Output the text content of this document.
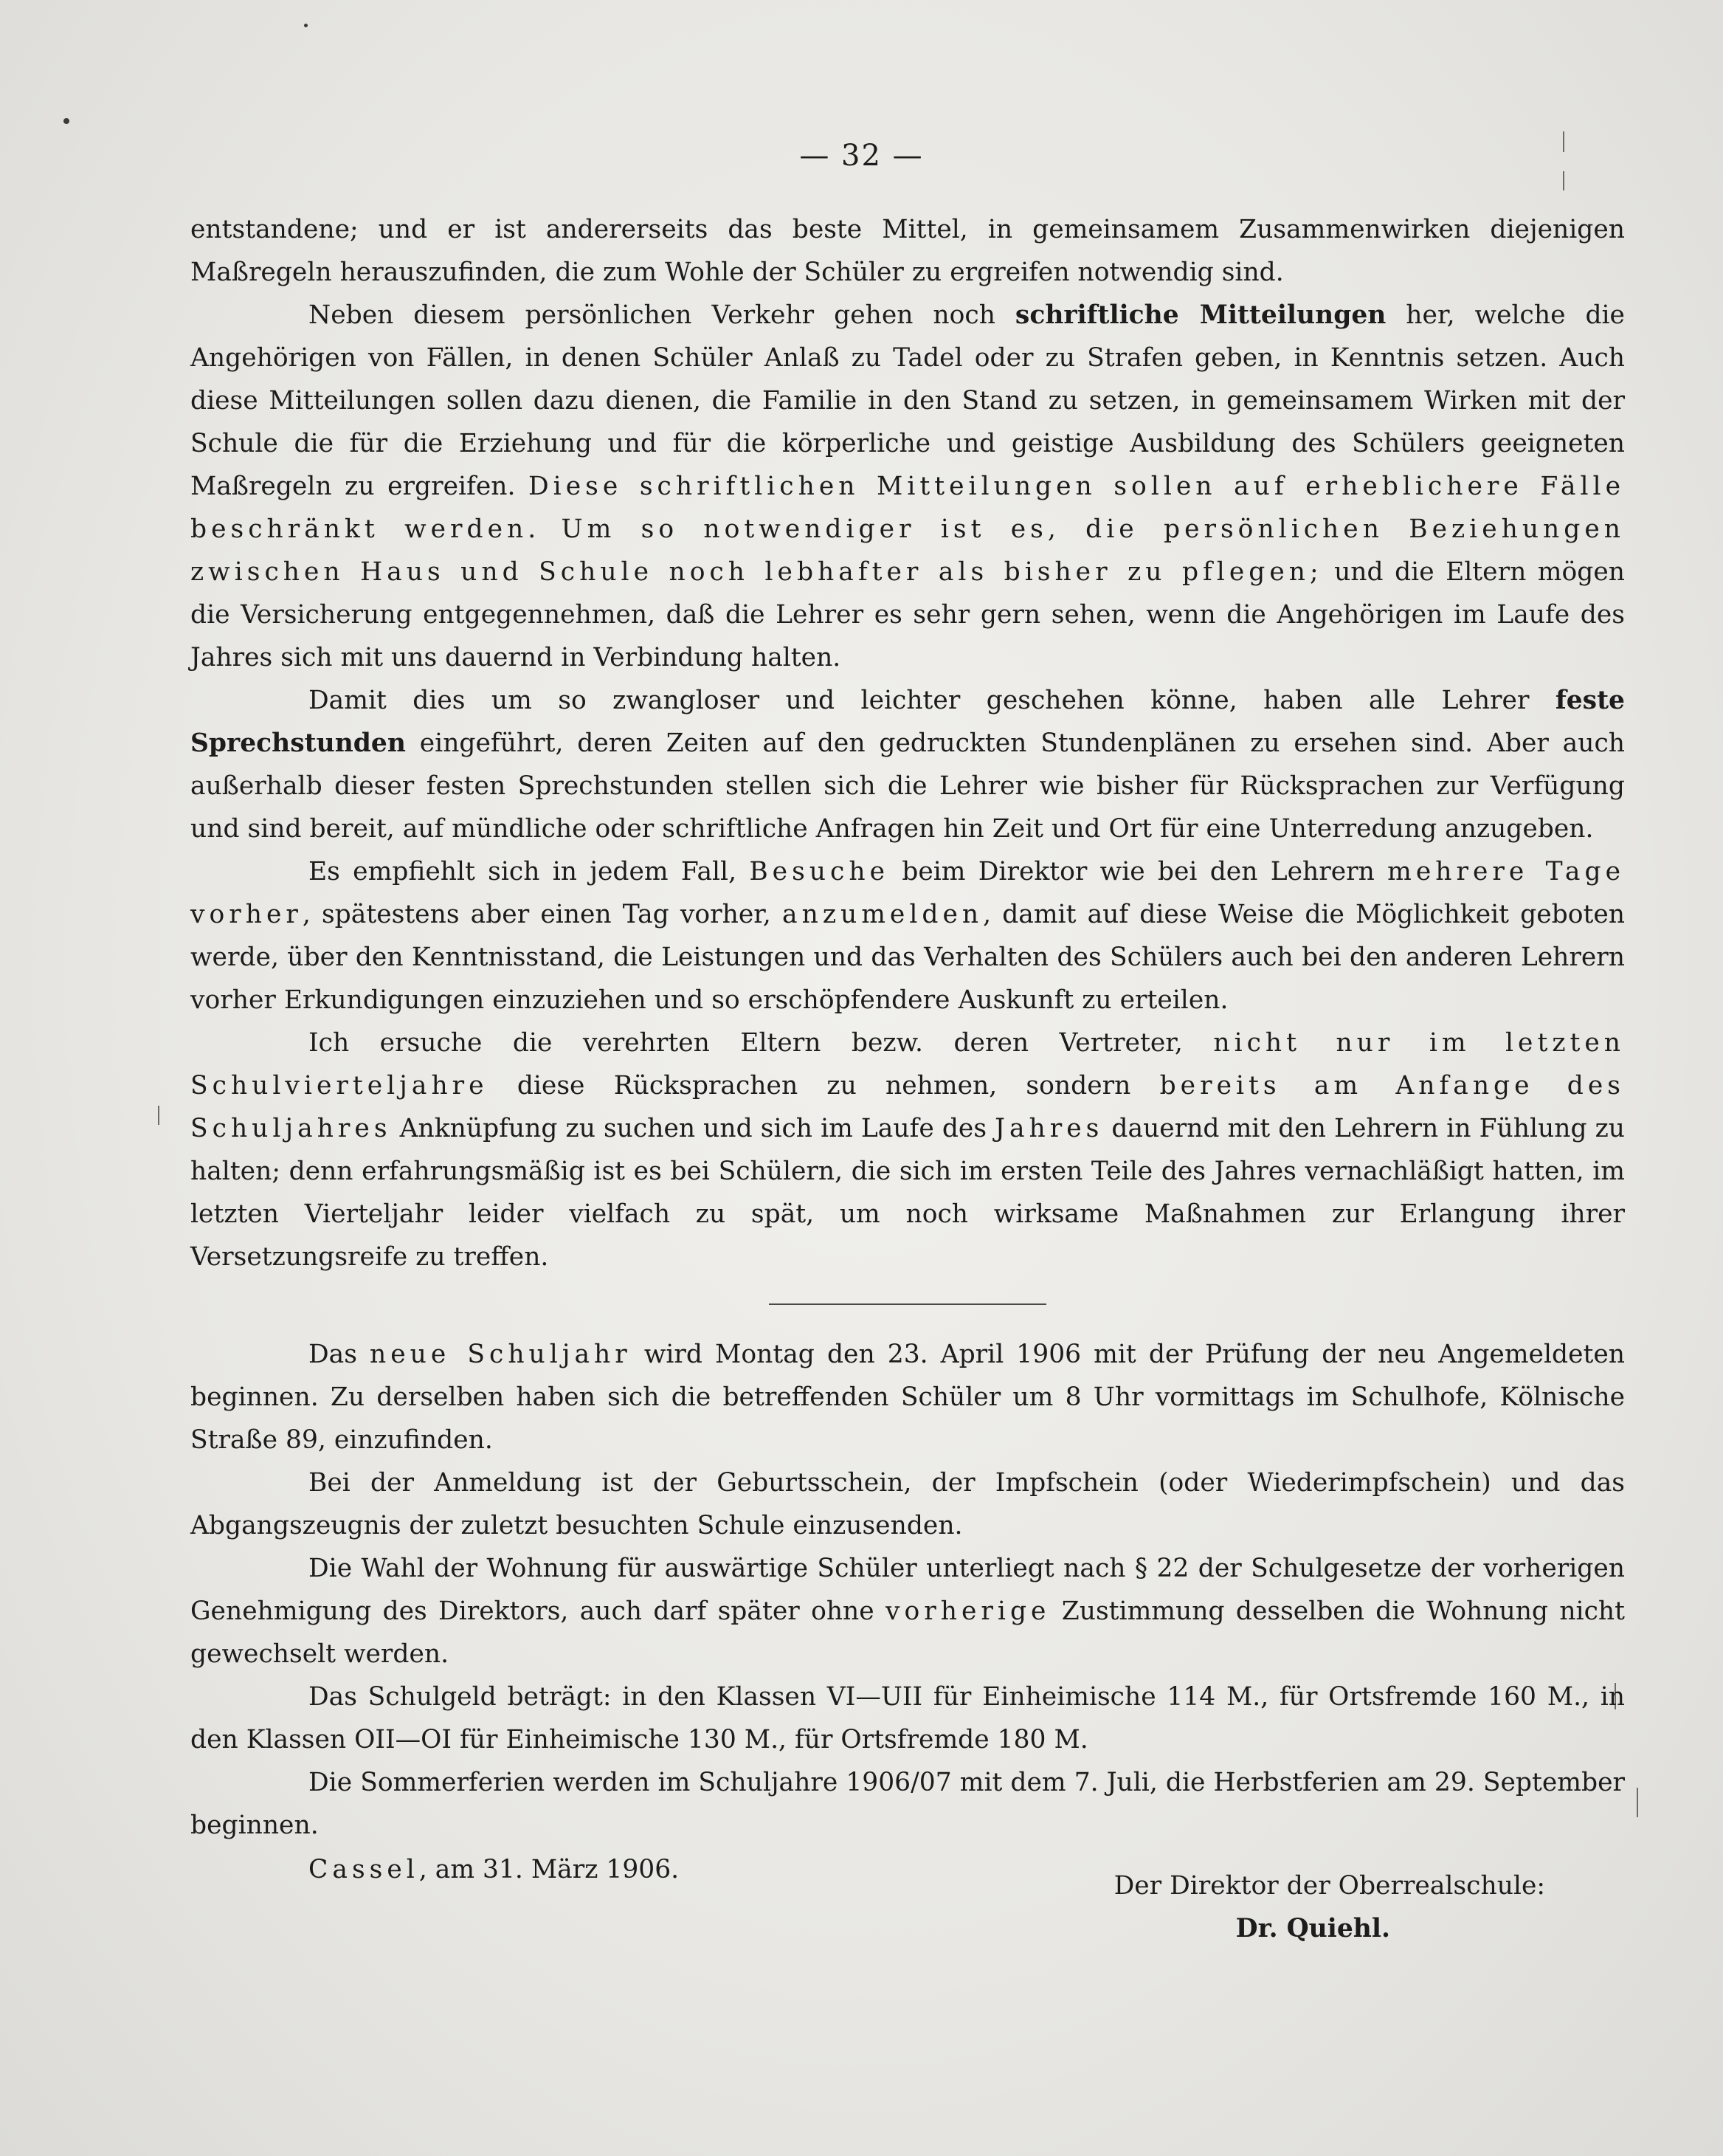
— 32 —

entstandene; und er ist andererseits das beste Mittel, in gemeinsamem Zusammenwirken diejenigen Maßregeln herauszufinden, die zum Wohle der Schüler zu ergreifen notwendig sind.

Neben diesem persönlichen Verkehr gehen noch schriftliche Mitteilungen her, welche die Angehörigen von Fällen, in denen Schüler Anlaß zu Tadel oder zu Strafen geben, in Kenntnis setzen. Auch diese Mitteilungen sollen dazu dienen, die Familie in den Stand zu setzen, in gemeinsamem Wirken mit der Schule die für die Erziehung und für die körperliche und geistige Ausbildung des Schülers geeigneten Maßregeln zu ergreifen. Diese schriftlichen Mitteilungen sollen auf erheblichere Fälle beschränkt werden. Um so notwendiger ist es, die persönlichen Beziehungen zwischen Haus und Schule noch lebhafter als bisher zu pflegen; und die Eltern mögen die Versicherung entgegennehmen, daß die Lehrer es sehr gern sehen, wenn die Angehörigen im Laufe des Jahres sich mit uns dauernd in Verbindung halten.

Damit dies um so zwangloser und leichter geschehen könne, haben alle Lehrer feste Sprechstunden eingeführt, deren Zeiten auf den gedruckten Stundenplänen zu ersehen sind. Aber auch außerhalb dieser festen Sprechstunden stellen sich die Lehrer wie bisher für Rücksprachen zur Verfügung und sind bereit, auf mündliche oder schriftliche Anfragen hin Zeit und Ort für eine Unterredung anzugeben.

Es empfiehlt sich in jedem Fall, Besuche beim Direktor wie bei den Lehrern mehrere Tage vorher, spätestens aber einen Tag vorher, anzumelden, damit auf diese Weise die Möglichkeit geboten werde, über den Kenntnisstand, die Leistungen und das Verhalten des Schülers auch bei den anderen Lehrern vorher Erkundigungen einzuziehen und so erschöpfendere Auskunft zu erteilen.

Ich ersuche die verehrten Eltern bezw. deren Vertreter, nicht nur im letzten Schulvierteljahre diese Rücksprachen zu nehmen, sondern bereits am Anfange des Schuljahres Anknüpfung zu suchen und sich im Laufe des Jahres dauernd mit den Lehrern in Fühlung zu halten; denn erfahrungsmäßig ist es bei Schülern, die sich im ersten Teile des Jahres vernachläßigt hatten, im letzten Vierteljahr leider vielfach zu spät, um noch wirksame Maßnahmen zur Erlangung ihrer Versetzungsreife zu treffen.

Das neue Schuljahr wird Montag den 23. April 1906 mit der Prüfung der neu Angemeldeten beginnen. Zu derselben haben sich die betreffenden Schüler um 8 Uhr vormittags im Schulhofe, Kölnische Straße 89, einzufinden.

Bei der Anmeldung ist der Geburtsschein, der Impfschein (oder Wiederimpfschein) und das Abgangszeugnis der zuletzt besuchten Schule einzusenden.

Die Wahl der Wohnung für auswärtige Schüler unterliegt nach § 22 der Schulgesetze der vorherigen Genehmigung des Direktors, auch darf später ohne vorherige Zustimmung desselben die Wohnung nicht gewechselt werden.

Das Schulgeld beträgt: in den Klassen VI—UII für Einheimische 114 M., für Ortsfremde 160 M., in den Klassen OII—OI für Einheimische 130 M., für Ortsfremde 180 M.

Die Sommerferien werden im Schuljahre 1906/07 mit dem 7. Juli, die Herbstferien am 29. September beginnen.

Cassel, am 31. März 1906.
Der Direktor der Oberrealschule:
Dr. Quiehl.
